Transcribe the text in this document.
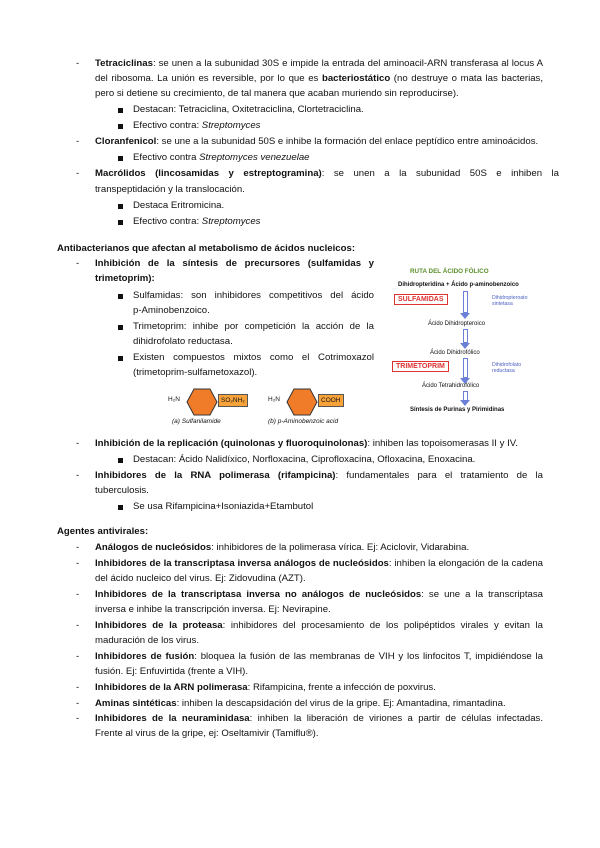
- Tetraciclinas: se unen a la subunidad 30S e impide la entrada del aminoacil-ARN transferasa al locus A
del ribosoma. La unión es reversible, por lo que es bacteriostático (no destruye o mata las bacterias,
pero si detiene su crecimiento, de tal manera que acaban muriendo sin reproducirse).
Destacan: Tetraciclina, Oxitetraciclina, Clortetraciclina.
Efectivo contra: Streptomyces
- Cloranfenicol: se une a la subunidad 50S e inhibe la formación del enlace peptídico entre aminoácidos.
Efectivo contra Streptomyces venezuelae
- Macrólidos (lincosamidas y estreptogramina): se unen a la subunidad 50S e inhiben la
transpeptidación y la translocación.
Destaca Eritromicina.
Efectivo contra: Streptomyces
Antibacterianos que afectan al metabolismo de ácidos nucleicos:
- Inhibición de la síntesis de precursores (sulfamidas y
trimetoprim):
Sulfamidas: son inhibidores competitivos del ácido
p-Aminobenzoico.
Trimetoprim: inhibe por competición la acción de la
dihidrofolato reductasa.
Existen compuestos mixtos como el Cotrimoxazol
(trimetoprim-sulfametoxazol).
H₂N	SO₂NH₂
(a) Sulfanilamide
H₂N	COOH
(b) p-Aminobenzoic acid
RUTA DEL ÁCIDO FÓLICO
Dihidropteridina + Ácido p-aminobenzoico
SULFAMIDAS	Dihidropteroato sintetasa
Ácido Dihidropteroico
Ácido Dihidrofólico
TRIMETOPRIM	Dihidrofolato reductasa
Ácido Tetrahidrofólico
Síntesis de Purinas y Pirimidinas
- Inhibición de la replicación (quinolonas y fluoroquinolonas): inhiben las topoisomerasas II y IV.
Destacan: Ácido Nalidíxico, Norfloxacina, Ciprofloxacina, Ofloxacina, Enoxacina.
- Inhibidores de la RNA polimerasa (rifampicina): fundamentales para el tratamiento de la
tuberculosis.
Se usa Rifampicina+Isoniazida+Etambutol
Agentes antivirales:
- Análogos de nucleósidos: inhibidores de la polimerasa vírica. Ej: Aciclovir, Vidarabina.
- Inhibidores de la transcriptasa inversa análogos de nucleósidos: inhiben la elongación de la cadena
del ácido nucleico del virus. Ej: Zidovudina (AZT).
- Inhibidores de la transcriptasa inversa no análogos de nucleósidos: se une a la transcriptasa
inversa e inhibe la transcripción inversa. Ej: Nevirapine.
- Inhibidores de la proteasa: inhibidores del procesamiento de los polipéptidos virales y evitan la
maduración de los virus.
- Inhibidores de fusión: bloquea la fusión de las membranas de VIH y los linfocitos T, impidiéndose la
fusión. Ej: Enfuvirtida (frente a VIH).
- Inhibidores de la ARN polimerasa: Rifampicina, frente a infección de poxvirus.
- Aminas sintéticas: inhiben la descapsidación del virus de la gripe. Ej: Amantadina, rimantadina.
- Inhibidores de la neuraminidasa: inhiben la liberación de viriones a partir de células infectadas.
Frente al virus de la gripe, ej: Oseltamivir (Tamiflu®).
